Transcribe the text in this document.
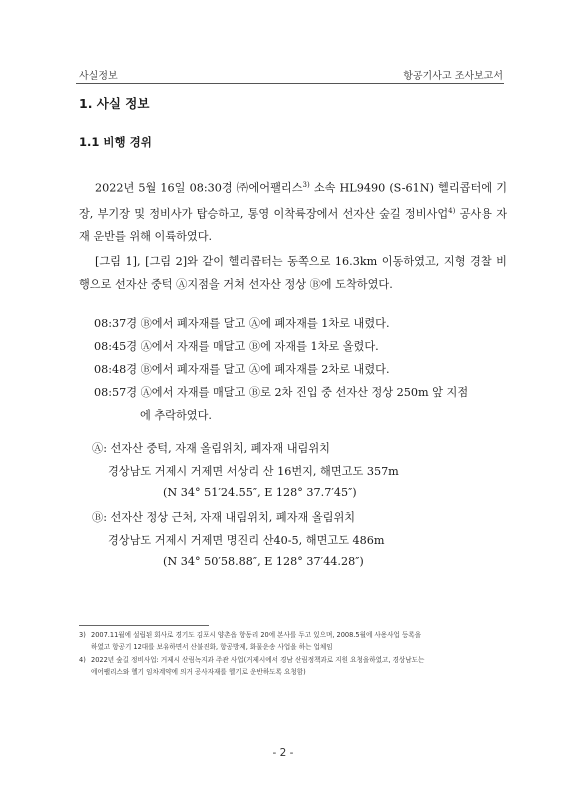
사실정보	항공기사고 조사보고서
1. 사실 정보
1.1 비행 경위
2022년 5월 16일 08:30경 ㈜에어팰리스$^{3)}$ 소속 HL9490 (S-61N) 헬리콥터에 기장, 부기장 및 정비사가 탑승하고, 통영 이착륙장에서 선자산 숲길 정비사업$^{4)}$ 공사용 자재 운반를 위해 이륙하였다.
[그림 1], [그림 2]와 같이 헬리콥터는 동쪽으로 16.3km 이동하였고, 지형 경찰 비행으로 선자산 중턱 Ⓐ지점을 거쳐 선자산 정상 Ⓑ에 도착하였다.
08:37경 Ⓑ에서 폐자재를 달고 Ⓐ에 폐자재를 1차로 내렸다.
08:45경 Ⓐ에서 자재를 매달고 Ⓑ에 자재를 1차로 올렸다.
08:48경 Ⓑ에서 폐자재를 달고 Ⓐ에 폐자재를 2차로 내렸다.
08:57경 Ⓐ에서 자재를 매달고 Ⓑ로 2차 진입 중 선자산 정상 250m 앞 지점
에 추락하였다.
Ⓐ: 선자산 중턱, 자재 올림위치, 폐자재 내림위치
경상남도 거제시 거제면 서상리 산 16번지, 해면고도 357m
(N 34° 51′24.55″, E 128° 37.7′45″)
Ⓑ: 선자산 정상 근처, 자재 내림위치, 폐자재 올림위치
경상남도 거제시 거제면 명진리 산40-5, 해면고도 486m
(N 34° 50′58.88″, E 128° 37′44.28″)
3) 2007.11월에 설립된 회사로 경기도 김포시 양촌읍 항동리 20에 본사를 두고 있으며, 2008.5월에 사용사업 등록을
하였고 항공기 12대를 보유하면서 산불진화, 항공방제, 화물운송 사업을 하는 업체임
4) 2022년 숲길 정비사업: 거제시 산림녹지과 주관 사업(거제시에서 경남 산림정책과로 지원 요청을하였고, 경상남도는
에어팰리스와 헬기 임차계약에 의거 공사자재를 헬기로 운반하도록 요청함)
- 2 -
